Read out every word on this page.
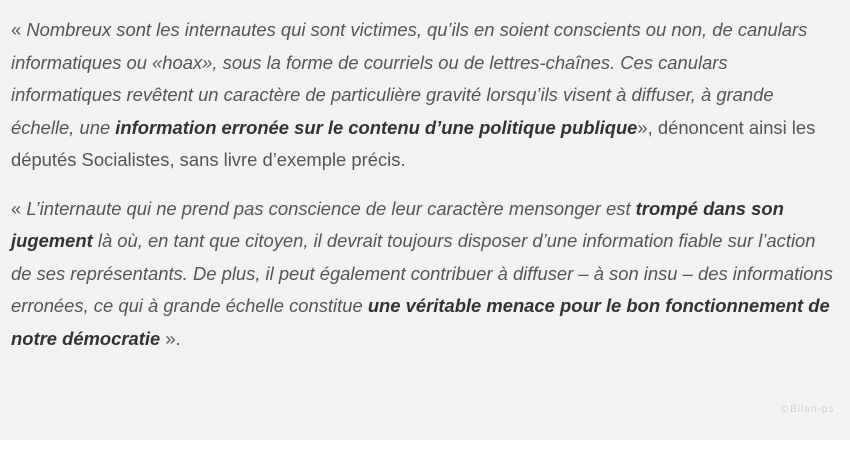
« Nombreux sont les internautes qui sont victimes, qu’ils en soient conscients ou non, de canulars informatiques ou «hoax», sous la forme de courriels ou de lettres-chaînes. Ces canulars informatiques revêtent un caractère de particulière gravité lorsqu’ils visent à diffuser, à grande échelle, une information erronée sur le contenu d’une politique publique», dénoncent ainsi les députés Socialistes, sans livre d’exemple précis.

« L’internaute qui ne prend pas conscience de leur caractère mensonger est trompé dans son jugement là où, en tant que citoyen, il devrait toujours disposer d’une information fiable sur l’action de ses représentants. De plus, il peut également contribuer à diffuser – à son insu – des informations erronées, ce qui à grande échelle constitue une véritable menace pour le bon fonctionnement de notre démocratie ».

©Bilan-ps
